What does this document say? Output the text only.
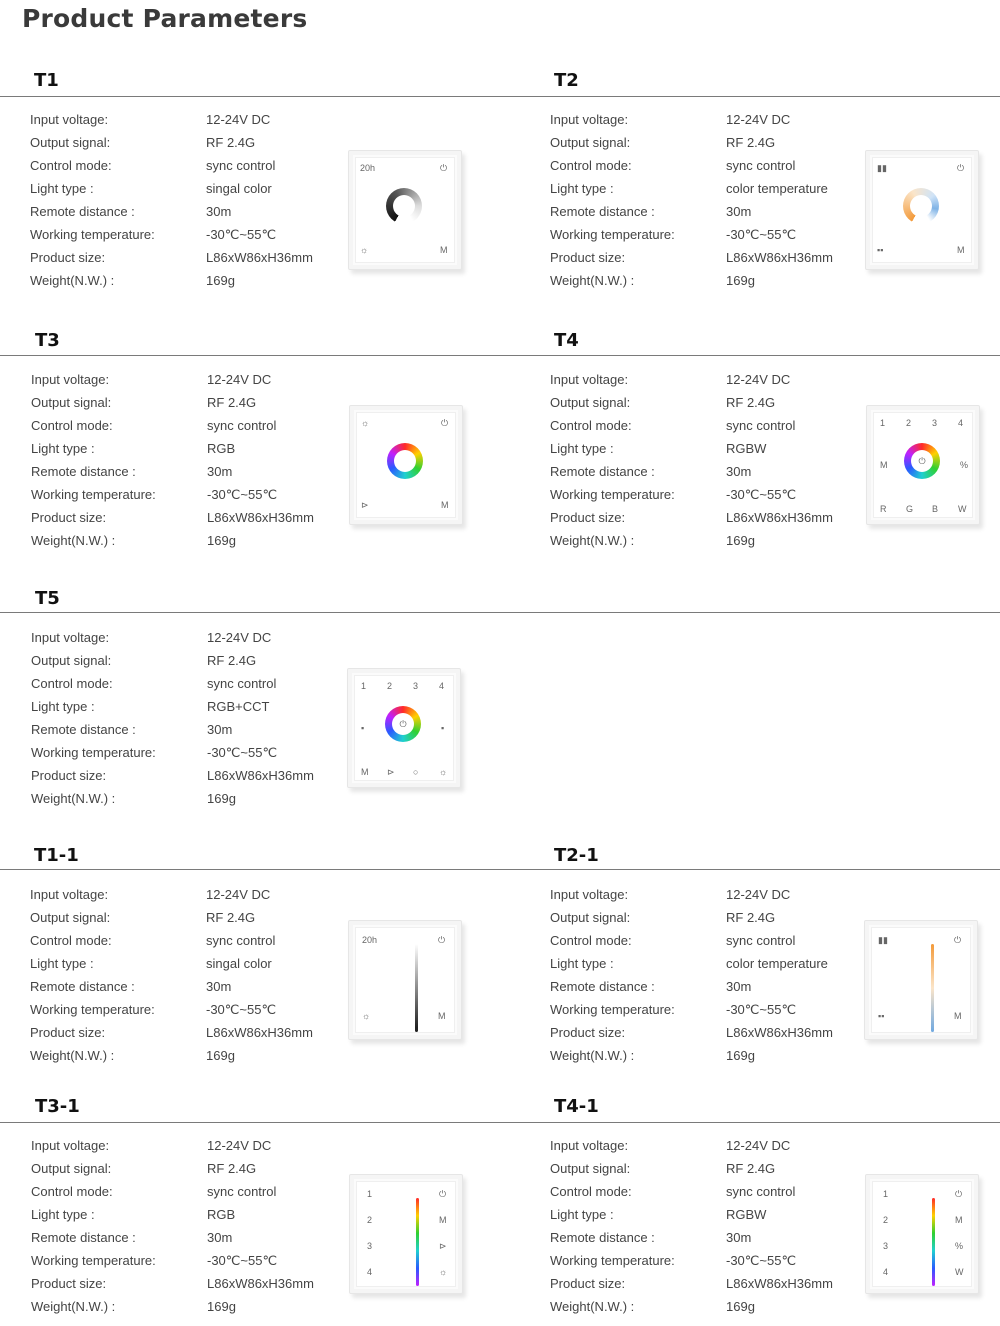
Product Parameters
T1
Input voltage:	12-24V DC
Output signal:	RF 2.4G
Control mode:	sync control
Light type :	singal color
Remote distance :	30m
Working temperature:	-30℃~55℃
Product size:	L86xW86xH36mm
Weight(N.W.) :	169g
20h	⏻
☼	M
T2
Input voltage:	12-24V DC
Output signal:	RF 2.4G
Control mode:	sync control
Light type :	color temperature
Remote distance :	30m
Working temperature:	-30℃~55℃
Product size:	L86xW86xH36mm
Weight(N.W.) :	169g
▮▮	⏻
▪▪	M
T3
Input voltage:	12-24V DC
Output signal:	RF 2.4G
Control mode:	sync control
Light type :	RGB
Remote distance :	30m
Working temperature:	-30℃~55℃
Product size:	L86xW86xH36mm
Weight(N.W.) :	169g
☼	⏻
⊳	M
T4
Input voltage:	12-24V DC
Output signal:	RF 2.4G
Control mode:	sync control
Light type :	RGBW
Remote distance :	30m
Working temperature:	-30℃~55℃
Product size:	L86xW86xH36mm
Weight(N.W.) :	169g
⏻
1 2 3 4
M	%
R G B W
T5
Input voltage:	12-24V DC
Output signal:	RF 2.4G
Control mode:	sync control
Light type :	RGB+CCT
Remote distance :	30m
Working temperature:	-30℃~55℃
Product size:	L86xW86xH36mm
Weight(N.W.) :	169g
⏻
1 2 3 4
▪	▪
M ⊳ ○ ☼
T1-1
Input voltage:	12-24V DC
Output signal:	RF 2.4G
Control mode:	sync control
Light type :	singal color
Remote distance :	30m
Working temperature:	-30℃~55℃
Product size:	L86xW86xH36mm
Weight(N.W.) :	169g
20h	⏻
☼	M
T2-1
Input voltage:	12-24V DC
Output signal:	RF 2.4G
Control mode:	sync control
Light type :	color temperature
Remote distance :	30m
Working temperature:	-30℃~55℃
Product size:	L86xW86xH36mm
Weight(N.W.) :	169g
▮▮	⏻
▪▪	M
T3-1
Input voltage:	12-24V DC
Output signal:	RF 2.4G
Control mode:	sync control
Light type :	RGB
Remote distance :	30m
Working temperature:	-30℃~55℃
Product size:	L86xW86xH36mm
Weight(N.W.) :	169g
1
2
3
4
⏻
M
⊳
☼
T4-1
Input voltage:	12-24V DC
Output signal:	RF 2.4G
Control mode:	sync control
Light type :	RGBW
Remote distance :	30m
Working temperature:	-30℃~55℃
Product size:	L86xW86xH36mm
Weight(N.W.) :	169g
1
2
3
4
⏻
M
%
W
